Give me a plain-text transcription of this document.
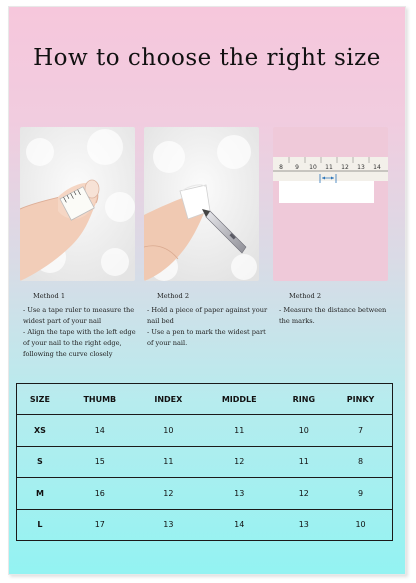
How to choose the right size
8 9 10 11 12 13 14
Method 1
- Use a tape ruler to measure the
widest part of your nail
- Align the tape with the left edge
of your nail to the right edge,
following the curve closely
Method 2
- Hold a piece of paper against your
nail bed
- Use a pen to mark the widest part
of your nail.
Method 2
- Measure the distance between
the marks.
SIZE	THUMB	INDEX	MIDDLE	RING	PINKY
XS	14	10	11	10	7
S	15	11	12	11	8
M	16	12	13	12	9
L	17	13	14	13	10
